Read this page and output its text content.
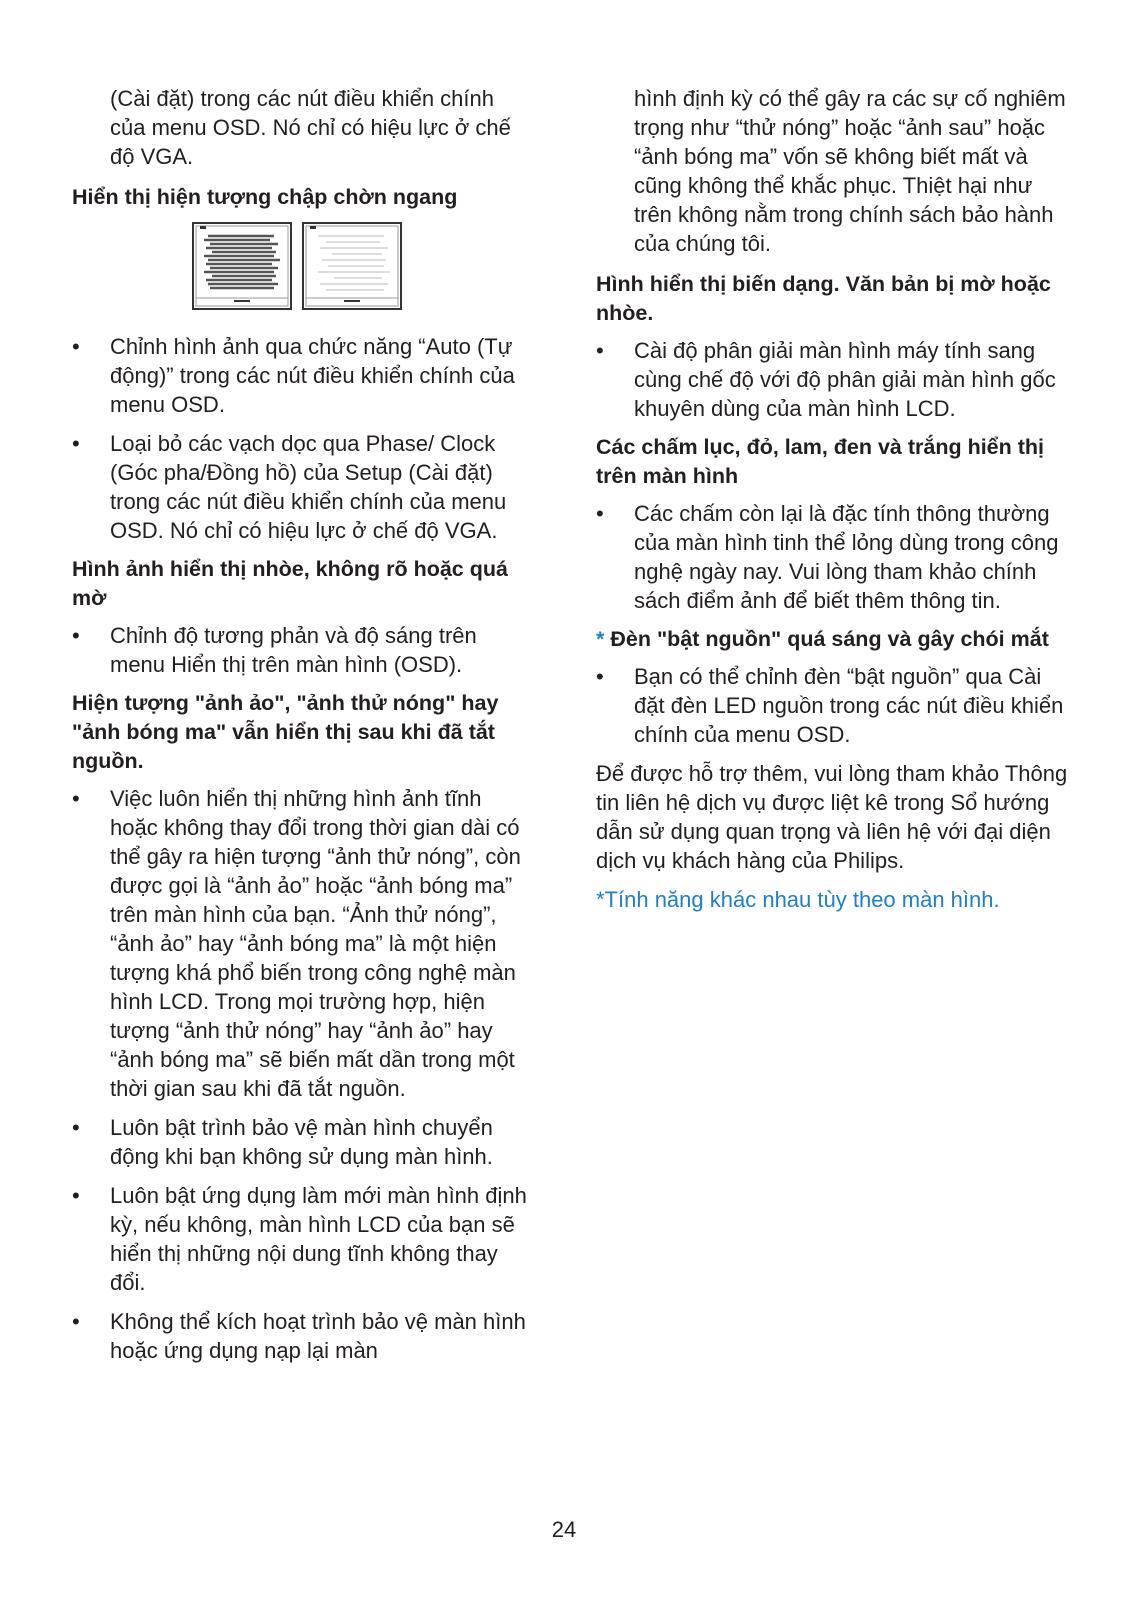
(Cài đặt) trong các nút điều khiển chính của menu OSD. Nó chỉ có hiệu lực ở chế độ VGA.

Hiển thị hiện tượng chập chờn ngang

•	Chỉnh hình ảnh qua chức năng “Auto (Tự động)” trong các nút điều khiển chính của menu OSD.
•	Loại bỏ các vạch dọc qua Phase/ Clock (Góc pha/Đồng hồ) của Setup (Cài đặt) trong các nút điều khiển chính của menu OSD. Nó chỉ có hiệu lực ở chế độ VGA.

Hình ảnh hiển thị nhòe, không rõ hoặc quá mờ

•	Chỉnh độ tương phản và độ sáng trên menu Hiển thị trên màn hình (OSD).

Hiện tượng "ảnh ảo", "ảnh thử nóng" hay "ảnh bóng ma" vẫn hiển thị sau khi đã tắt nguồn.

•	Việc luôn hiển thị những hình ảnh tĩnh hoặc không thay đổi trong thời gian dài có thể gây ra hiện tượng “ảnh thử nóng”, còn được gọi là “ảnh ảo” hoặc “ảnh bóng ma” trên màn hình của bạn. “Ảnh thử nóng”, “ảnh ảo” hay “ảnh bóng ma” là một hiện tượng khá phổ biến trong công nghệ màn hình LCD. Trong mọi trường hợp, hiện tượng “ảnh thử nóng” hay “ảnh ảo” hay “ảnh bóng ma” sẽ biến mất dần trong một thời gian sau khi đã tắt nguồn.
•	Luôn bật trình bảo vệ màn hình chuyển động khi bạn không sử dụng màn hình.
•	Luôn bật ứng dụng làm mới màn hình định kỳ, nếu không, màn hình LCD của bạn sẽ hiển thị những nội dung tĩnh không thay đổi.
•	Không thể kích hoạt trình bảo vệ màn hình hoặc ứng dụng nạp lại màn

hình định kỳ có thể gây ra các sự cố nghiêm trọng như “thử nóng” hoặc “ảnh sau” hoặc “ảnh bóng ma” vốn sẽ không biết mất và cũng không thể khắc phục. Thiệt hại như trên không nằm trong chính sách bảo hành của chúng tôi.

Hình hiển thị biến dạng. Văn bản bị mờ hoặc nhòe.

•	Cài độ phân giải màn hình máy tính sang cùng chế độ với độ phân giải màn hình gốc khuyên dùng của màn hình LCD.

Các chấm lục, đỏ, lam, đen và trắng hiển thị trên màn hình

•	Các chấm còn lại là đặc tính thông thường của màn hình tinh thể lỏng dùng trong công nghệ ngày nay. Vui lòng tham khảo chính sách điểm ảnh để biết thêm thông tin.

* Đèn "bật nguồn" quá sáng và gây chói mắt

•	Bạn có thể chỉnh đèn “bật nguồn” qua Cài đặt đèn LED nguồn trong các nút điều khiển chính của menu OSD.

Để được hỗ trợ thêm, vui lòng tham khảo Thông tin liên hệ dịch vụ được liệt kê trong Sổ hướng dẫn sử dụng quan trọng và liên hệ với đại diện dịch vụ khách hàng của Philips.

*Tính năng khác nhau tùy theo màn hình.

24
